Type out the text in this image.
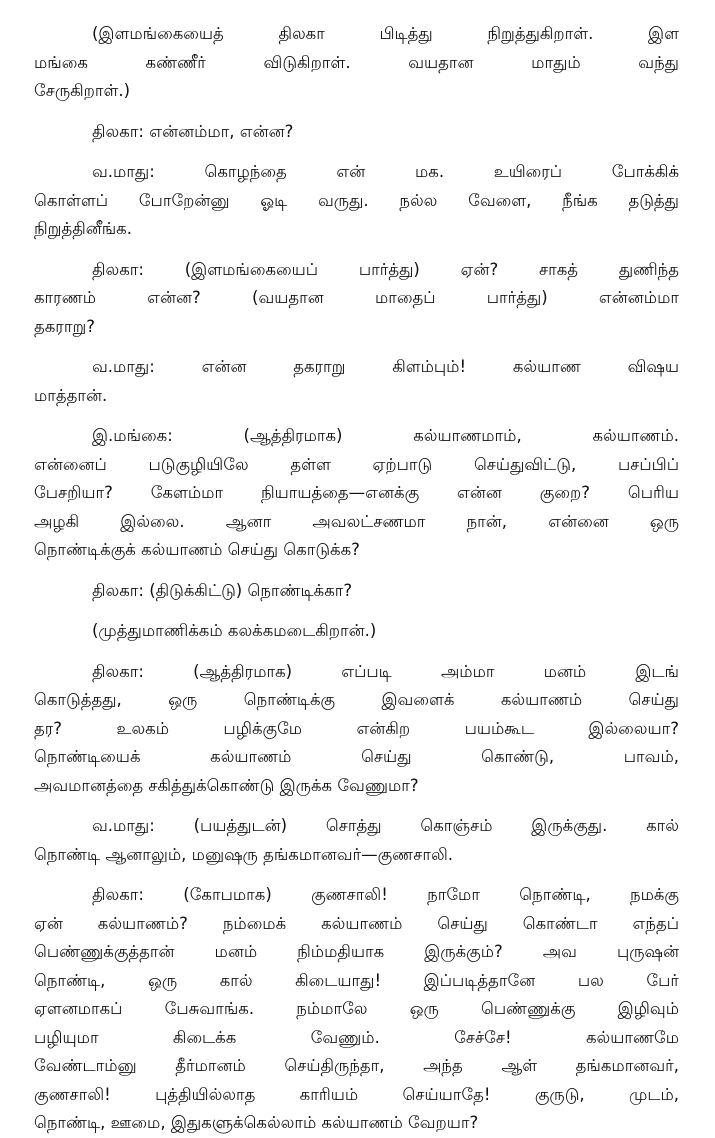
(இளமங்கையைத் திலகா பிடித்து நிறுத்துகிறாள். இள
மங்கை கண்ணீர் விடுகிறாள். வயதான மாதும் வந்து
சேருகிறாள்.)
திலகா: என்னம்மா, என்ன?
வ.மாது: கொழந்தை என் மக. உயிரைப் போக்கிக்
கொள்ளப் போறேன்னு ஓடி வருது. நல்ல வேளை, நீங்க தடுத்து
நிறுத்தினீங்க.
திலகா: (இளமங்கையைப் பார்த்து) ஏன்? சாகத் துணிந்த
காரணம் என்ன? (வயதான மாதைப் பார்த்து) என்னம்மா
தகராறு?
வ.மாது: என்ன தகராறு கிளம்பும்! கல்யாண விஷய
மாத்தான்.
இ.மங்கை: (ஆத்திரமாக) கல்யாணமாம், கல்யாணம்.
என்னைப் படுகுழியிலே தள்ள ஏற்பாடு செய்துவிட்டு, பசப்பிப்
பேசறியா? கேளம்மா நியாயத்தை—எனக்கு என்ன குறை? பெரிய
அழகி இல்லை. ஆனா அவலட்சணமா நான், என்னை ஒரு
நொண்டிக்குக் கல்யாணம் செய்து கொடுக்க?
திலகா: (திடுக்கிட்டு) நொண்டிக்கா?
(முத்துமாணிக்கம் கலக்கமடைகிறான்.)
திலகா: (ஆத்திரமாக) எப்படி அம்மா மனம் இடங்
கொடுத்தது, ஒரு நொண்டிக்கு இவளைக் கல்யாணம் செய்து
தர? உலகம் பழிக்குமே என்கிற பயம்கூட இல்லையா?
நொண்டியைக் கல்யாணம் செய்து கொண்டு, பாவம்,
அவமானத்தை சகித்துக்கொண்டு இருக்க வேணுமா?
வ.மாது: (பயத்துடன்) சொத்து கொஞ்சம் இருக்குது. கால்
நொண்டி ஆனாலும், மனுஷரு தங்கமானவர்—குணசாலி.
திலகா: (கோபமாக) குணசாலி! நாமோ நொண்டி, நமக்கு
ஏன் கல்யாணம்? நம்மைக் கல்யாணம் செய்து கொண்டா எந்தப்
பெண்ணுக்குத்தான் மனம் நிம்மதியாக இருக்கும்? அவ புருஷன்
நொண்டி, ஒரு கால் கிடையாது! இப்படித்தானே பல பேர்
ஏளனமாகப் பேசுவாங்க. நம்மாலே ஒரு பெண்ணுக்கு இழிவும்
பழியுமா கிடைக்க வேணும். சேச்சே! கல்யாணமே
வேண்டாம்னு தீர்மானம் செய்திருந்தா, அந்த ஆள் தங்கமானவர்,
குணசாலி! புத்தியில்லாத காரியம் செய்யாதே! குருடு, முடம்,
நொண்டி, ஊமை, இதுகளுக்கெல்லாம் கல்யாணம் வேறயா?
